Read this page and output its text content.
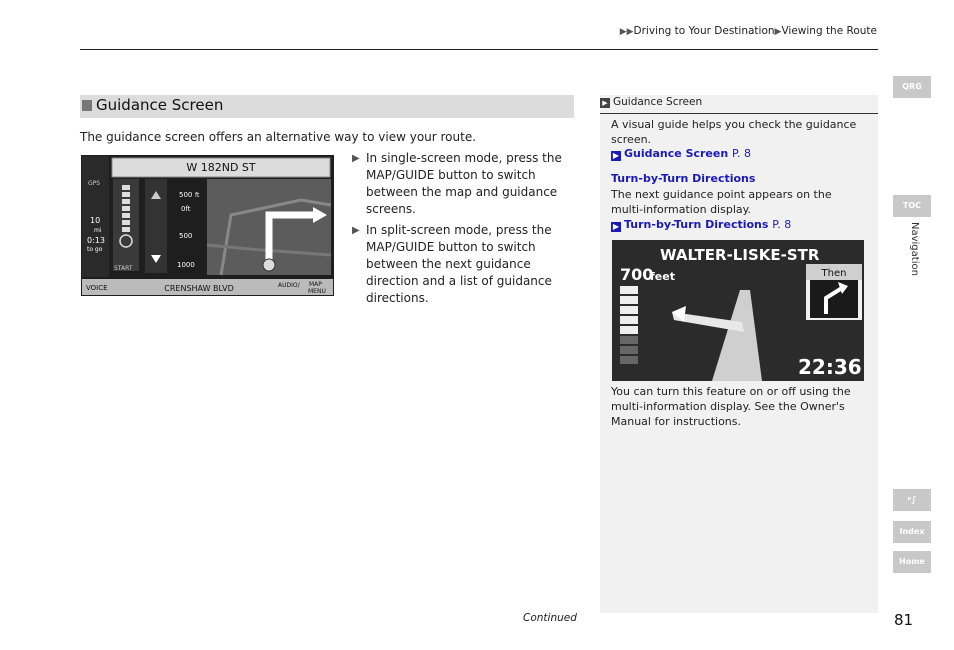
▶▶Driving to Your Destination▶Viewing the Route
Guidance Screen
The guidance screen offers an alternative way to view your route.
GPS
10
mi
0:13
to go
START
W 182ND ST
500 ft
0ft
500
1000
VOICE	CRENSHAW BLVD	AUDIO/ MAP
MENU
▶ In single-screen mode, press the MAP/GUIDE button to switch between the map and guidance screens.
▶ In split-screen mode, press the MAP/GUIDE button to switch between the next guidance direction and a list of guidance directions.
▶ Guidance Screen
A visual guide helps you check the guidance screen.
▶ Guidance Screen P. 8
Turn-by-Turn Directions
The next guidance point appears on the multi-information display.
▶ Turn-by-Turn Directions P. 8
WALTER-LISKE-STR
700
feet	Then
22:36
You can turn this feature on or off using the multi-information display. See the Owner's Manual for instructions.
QRG
TOC
Navigation
ᵖ∫
Index
Home
Continued	81
